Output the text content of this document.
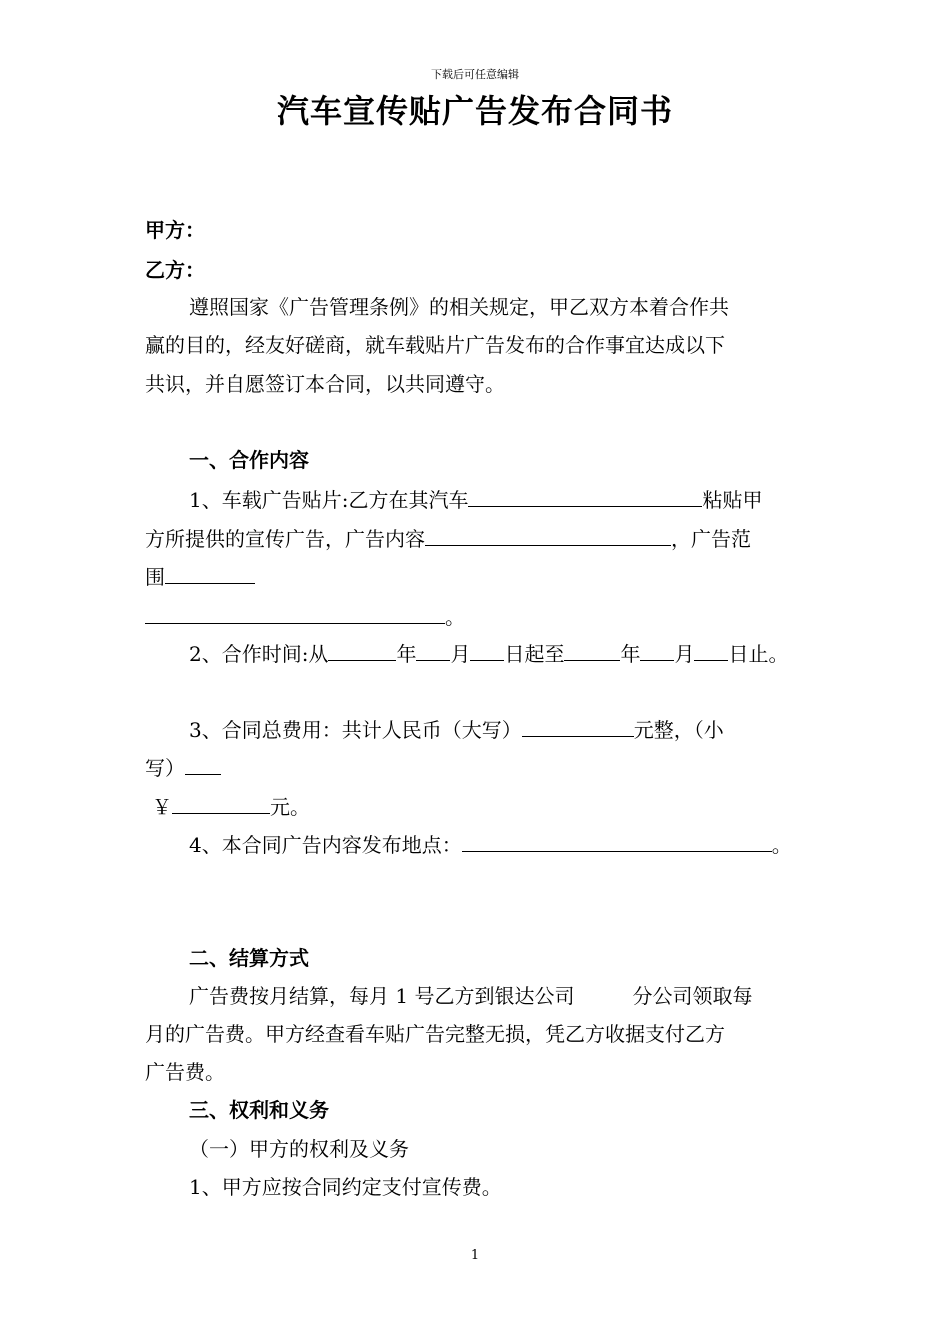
下载后可任意编辑
汽车宣传贴广告发布合同书
甲方：
乙方：
遵照国家《广告管理条例》的相关规定，甲乙双方本着合作共
赢的目的，经友好磋商，就车载贴片广告发布的合作事宜达成以下
共识，并自愿签订本合同，以共同遵守。
一、合作内容
1、车载广告贴片:乙方在其汽车	粘贴甲
方所提供的宣传广告，广告内容	，广告范
围
。
2、合作时间:从	年 月 日起至	年 月 日止。
3、合同总费用：共计人民币（大写）	元整，（小
写）
￥	元。
4、本合同广告内容发布地点：	。
二、结算方式
广告费按月结算，每月 1 号乙方到银达公司	分公司领取每
月的广告费。甲方经查看车贴广告完整无损，凭乙方收据支付乙方
广告费。
三、权利和义务
（一）甲方的权利及义务
1、甲方应按合同约定支付宣传费。
1
